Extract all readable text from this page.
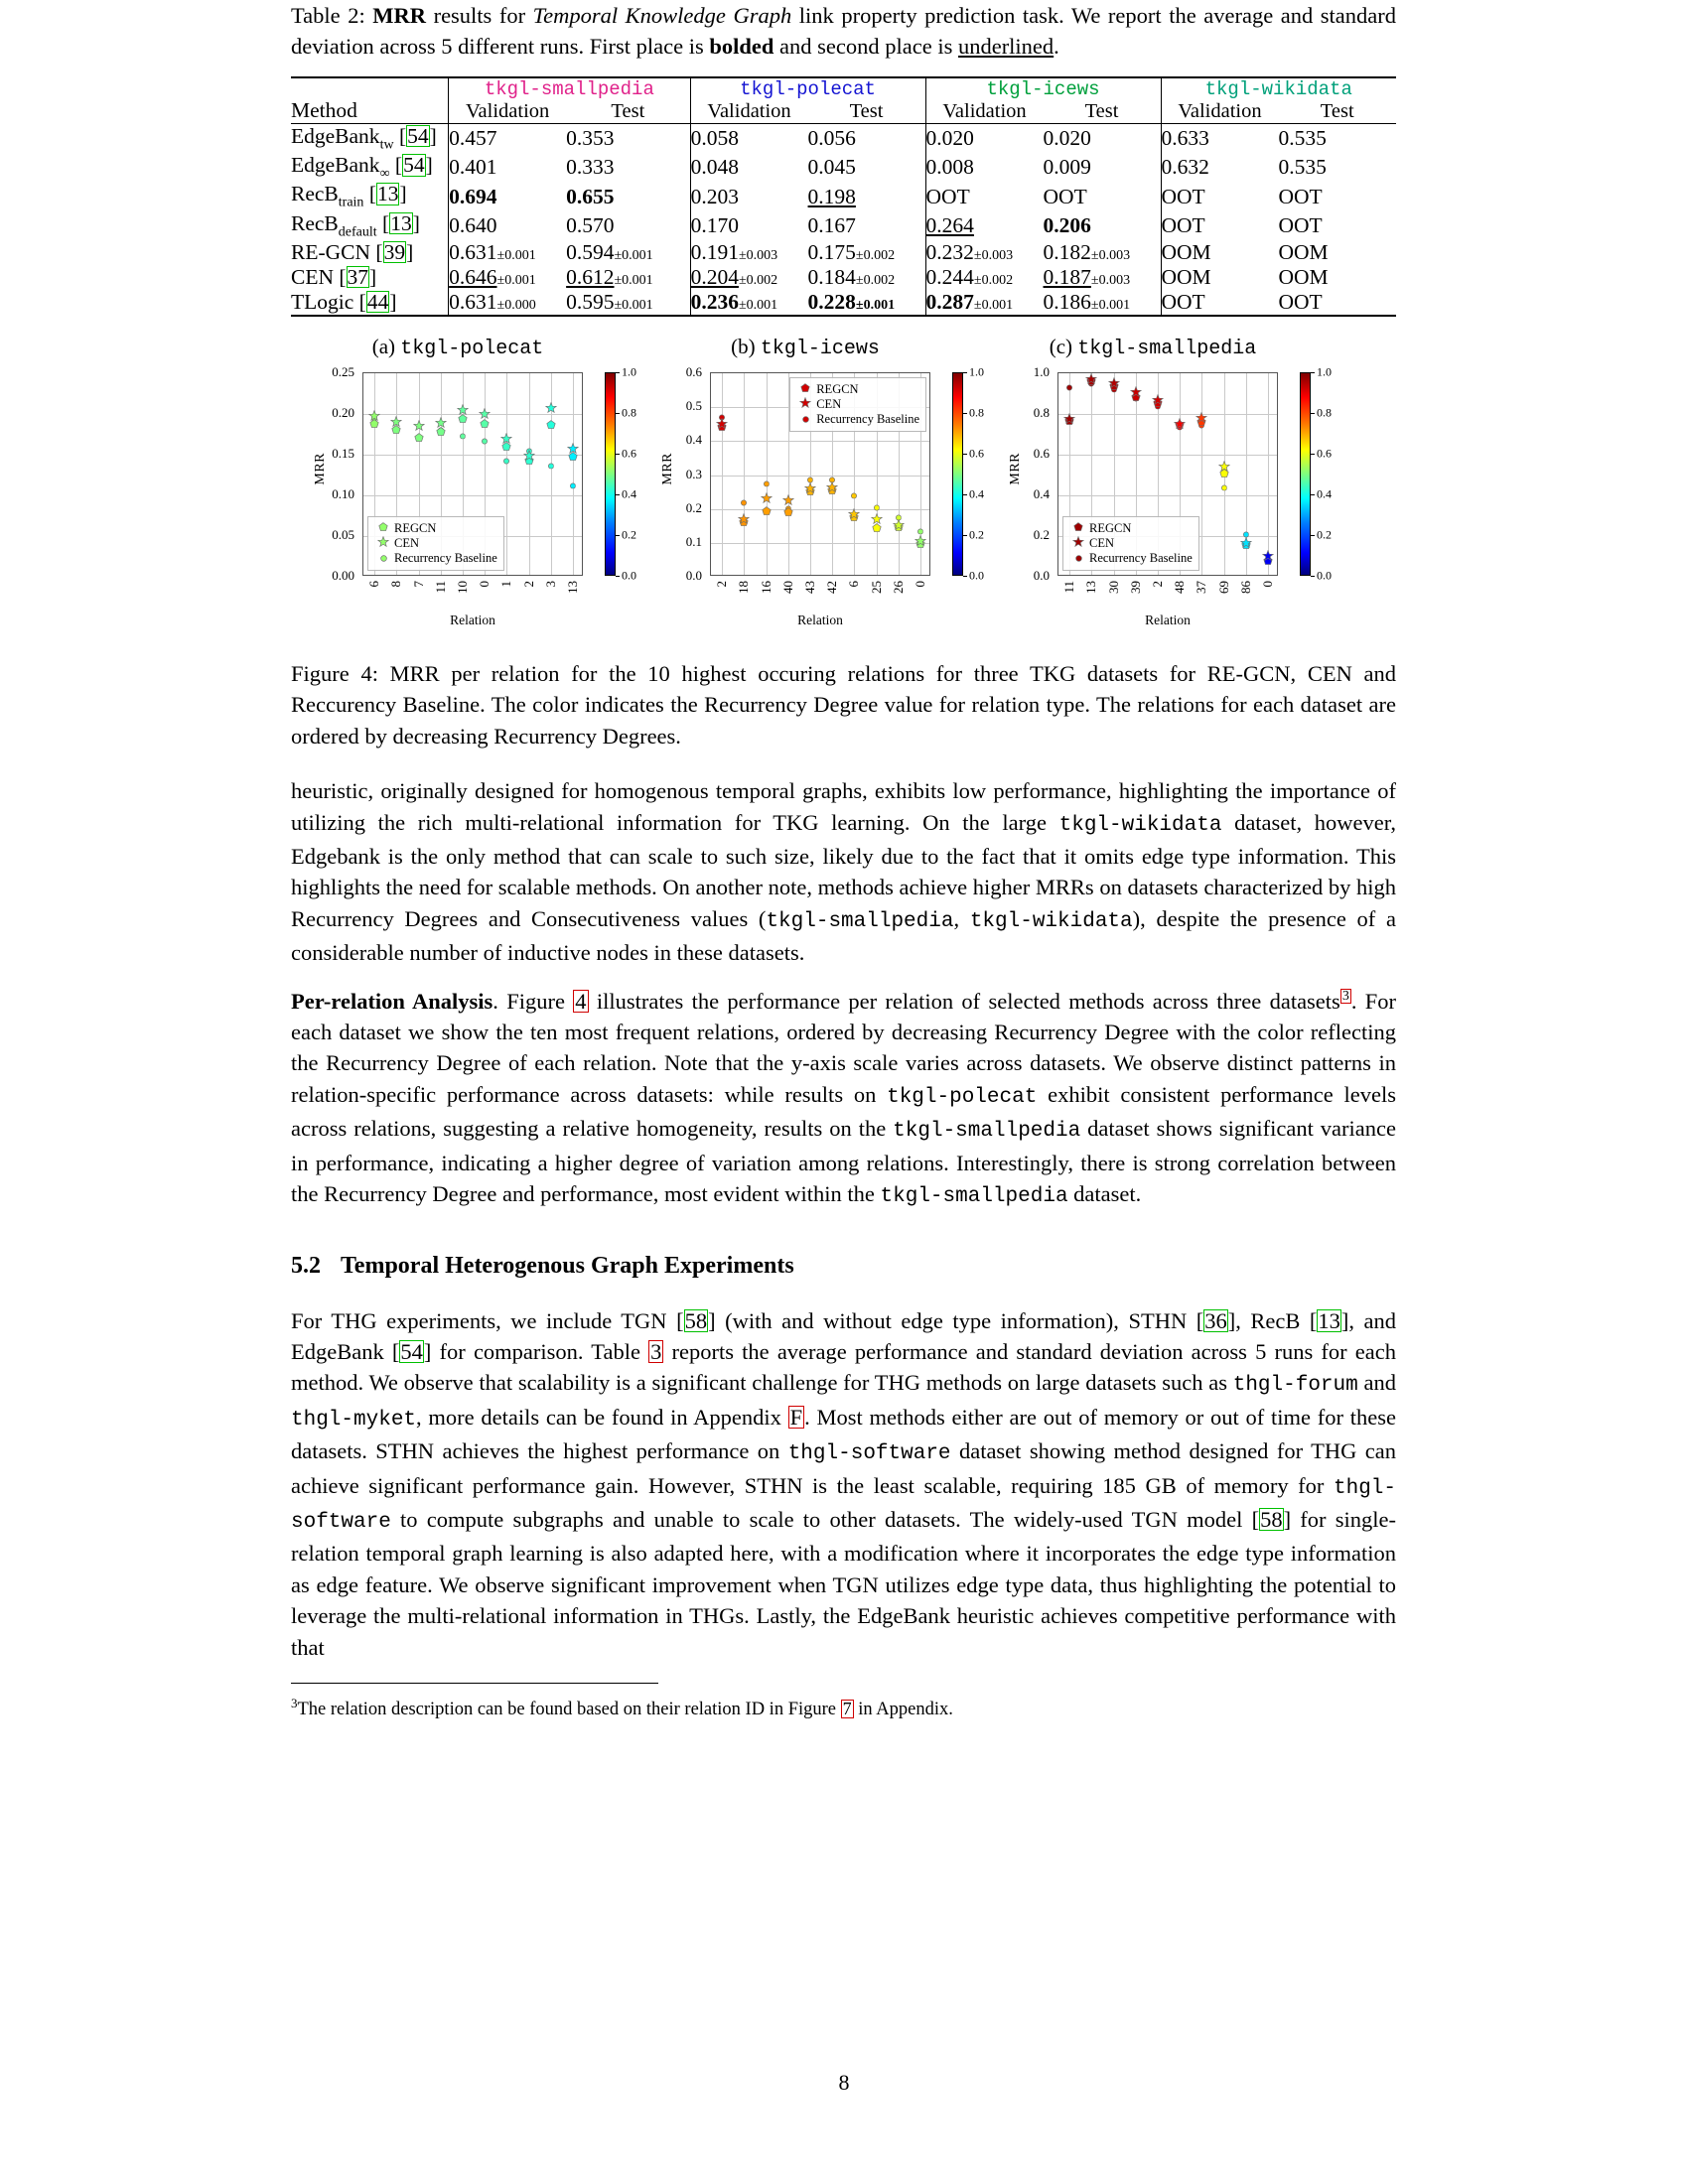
Table 2: MRR results for Temporal Knowledge Graph link property prediction task. We report the average and standard deviation across 5 different runs. First place is bolded and second place is underlined.

Method	tkgl-smallpedia		tkgl-polecat		tkgl-icews		tkgl-wikidata	
	Validation	Test	Validation	Test	Validation	Test	Validation	Test
EdgeBank$_{tw}$ [54]	0.457	0.353	0.058	0.056	0.020	0.020	0.633	0.535
EdgeBank$_\infty$ [54]	0.401	0.333	0.048	0.045	0.008	0.009	0.632	0.535
RecB$_{train}$ [13]	0.694	0.655	0.203	0.198	OOT	OOT	OOT	OOT
RecB$_{default}$ [13]	0.640	0.570	0.170	0.167	0.264	0.206	OOT	OOT
RE-GCN [39]	0.631±0.001	0.594±0.001	0.191±0.003	0.175±0.002	0.232±0.003	0.182±0.003	OOM	OOM
CEN [37]	0.646±0.001	0.612±0.001	0.204±0.002	0.184±0.002	0.244±0.002	0.187±0.003	OOM	OOM
TLogic [44]	0.631±0.000	0.595±0.001	0.236±0.001	0.228±0.001	0.287±0.001	0.186±0.001	OOT	OOT
(a) tkgl-polecat
REGCN
CEN
Recurrency Baseline
0.00
0.05
0.10
0.15
0.20
0.25
6 8 7 11 10 0 1 2 3 13
MRR
Relation
1.0
0.8
0.6
0.4
0.2
0.0
(b) tkgl-icews
REGCN
CEN
Recurrency Baseline
0.0
0.1
0.2
0.3
0.4
0.5
0.6
2 18 16 40 43 42 6 25 26 0
MRR
Relation
1.0
0.8
0.6
0.4
0.2
0.0
(c) tkgl-smallpedia
REGCN
CEN
Recurrency Baseline
0.0
0.2
0.4
0.6
0.8
1.0
11 13 30 39 2 48 37 69 86 0
MRR
Relation
1.0
0.8
0.6
0.4
0.2
0.0

Figure 4: MRR per relation for the 10 highest occuring relations for three TKG datasets for RE-GCN, CEN and Reccurency Baseline. The color indicates the Recurrency Degree value for relation type. The relations for each dataset are ordered by decreasing Recurrency Degrees.

heuristic, originally designed for homogenous temporal graphs, exhibits low performance, highlighting the importance of utilizing the rich multi-relational information for TKG learning. On the large tkgl-wikidata dataset, however, Edgebank is the only method that can scale to such size, likely due to the fact that it omits edge type information. This highlights the need for scalable methods. On another note, methods achieve higher MRRs on datasets characterized by high Recurrency Degrees and Consecutiveness values (tkgl-smallpedia, tkgl-wikidata), despite the presence of a considerable number of inductive nodes in these datasets.

Per-relation Analysis. Figure 4 illustrates the performance per relation of selected methods across three datasets $^3$. For each dataset we show the ten most frequent relations, ordered by decreasing Recurrency Degree with the color reflecting the Recurrency Degree of each relation. Note that the y-axis scale varies across datasets. We observe distinct patterns in relation-specific performance across datasets: while results on tkgl-polecat exhibit consistent performance levels across relations, suggesting a relative homogeneity, results on the tkgl-smallpedia dataset shows significant variance in performance, indicating a higher degree of variation among relations. Interestingly, there is strong correlation between the Recurrency Degree and performance, most evident within the tkgl-smallpedia dataset.

5.2 Temporal Heterogenous Graph Experiments

For THG experiments, we include TGN [58] (with and without edge type information), STHN [36], RecB [13], and EdgeBank [54] for comparison. Table 3 reports the average performance and standard deviation across 5 runs for each method. We observe that scalability is a significant challenge for THG methods on large datasets such as thgl-forum and thgl-myket, more details can be found in Appendix F. Most methods either are out of memory or out of time for these datasets. STHN achieves the highest performance on thgl-software dataset showing method designed for THG can achieve significant performance gain. However, STHN is the least scalable, requiring 185 GB of memory for thgl-software to compute subgraphs and unable to scale to other datasets. The widely-used TGN model [58] for single-relation temporal graph learning is also adapted here, with a modification where it incorporates the edge type information as edge feature. We observe significant improvement when TGN utilizes edge type data, thus highlighting the potential to leverage the multi-relational information in THGs. Lastly, the EdgeBank heuristic achieves competitive performance with that

$^3$The relation description can be found based on their relation ID in Figure 7 in Appendix.

8
